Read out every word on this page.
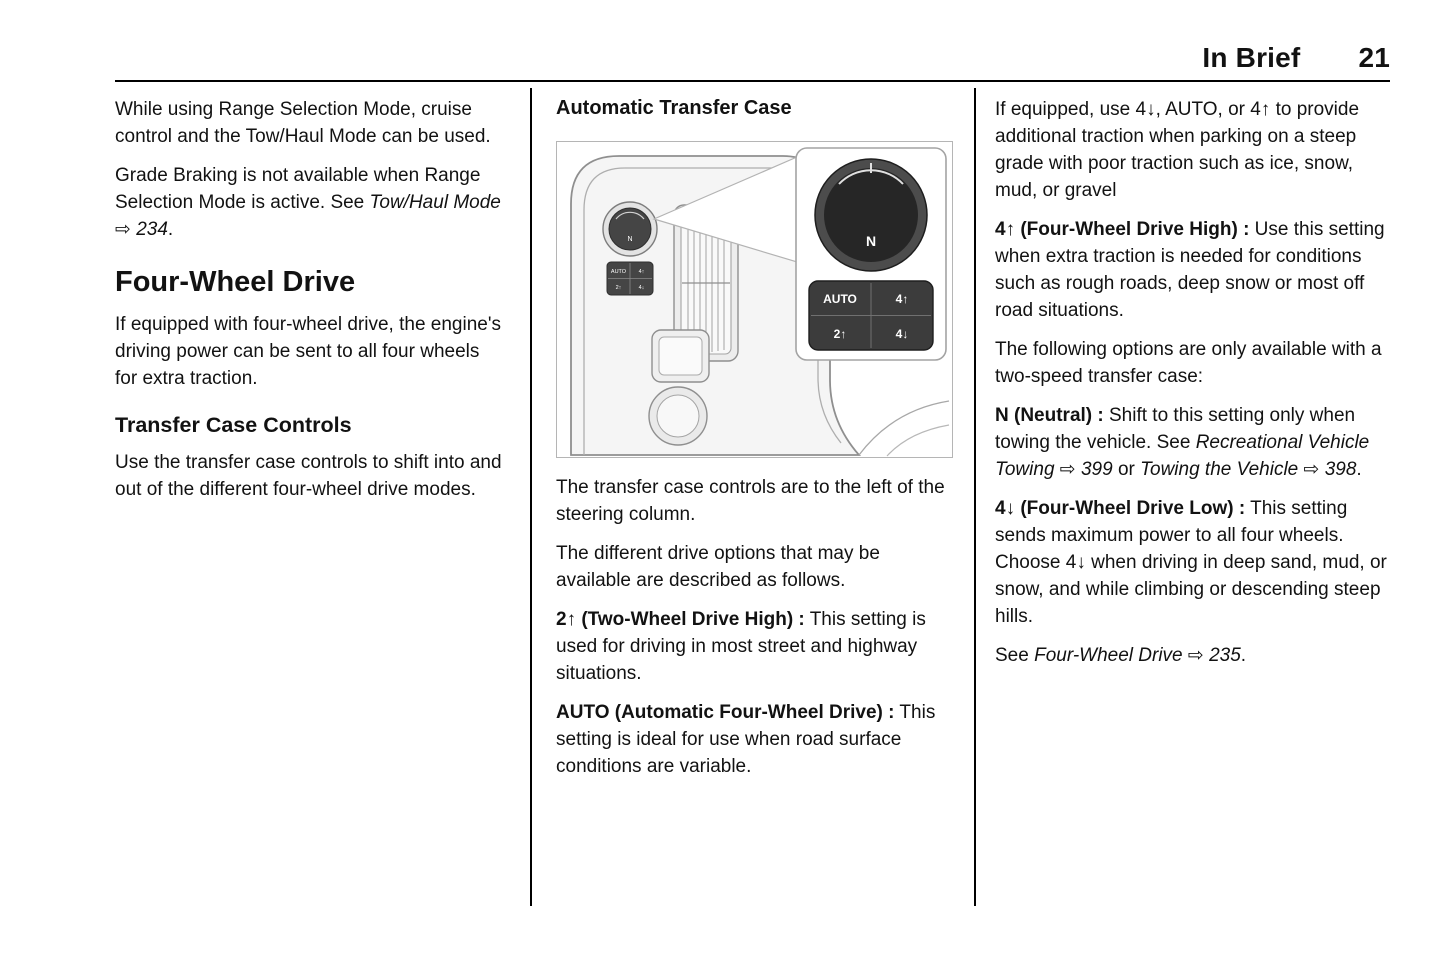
In Brief 21

While using Range Selection Mode, cruise control and the Tow/Haul Mode can be used.

Grade Braking is not available when Range Selection Mode is active. See Tow/Haul Mode ⇨ 234.

Four-Wheel Drive

If equipped with four-wheel drive, the engine's driving power can be sent to all four wheels for extra traction.

Transfer Case Controls

Use the transfer case controls to shift into and out of the different four-wheel drive modes.

Automatic Transfer Case
N
AUTO 4↑
2↑	4↓
N
AUTO	4↑
2↑	4↓

The transfer case controls are to the left of the steering column.

The different drive options that may be available are described as follows.

2↑ (Two-Wheel Drive High) : This setting is used for driving in most street and highway situations.

AUTO (Automatic Four-Wheel Drive) : This setting is ideal for use when road surface conditions are variable.

If equipped, use 4↓, AUTO, or 4↑ to provide additional traction when parking on a steep grade with poor traction such as ice, snow, mud, or gravel

4↑ (Four-Wheel Drive High) : Use this setting when extra traction is needed for conditions such as rough roads, deep snow or most off road situations.

The following options are only available with a two-speed transfer case:

N (Neutral) : Shift to this setting only when towing the vehicle. See Recreational Vehicle Towing ⇨ 399 or Towing the Vehicle ⇨ 398.

4↓ (Four-Wheel Drive Low) : This setting sends maximum power to all four wheels. Choose 4↓ when driving in deep sand, mud, or snow, and while climbing or descending steep hills.

See Four-Wheel Drive ⇨ 235.
